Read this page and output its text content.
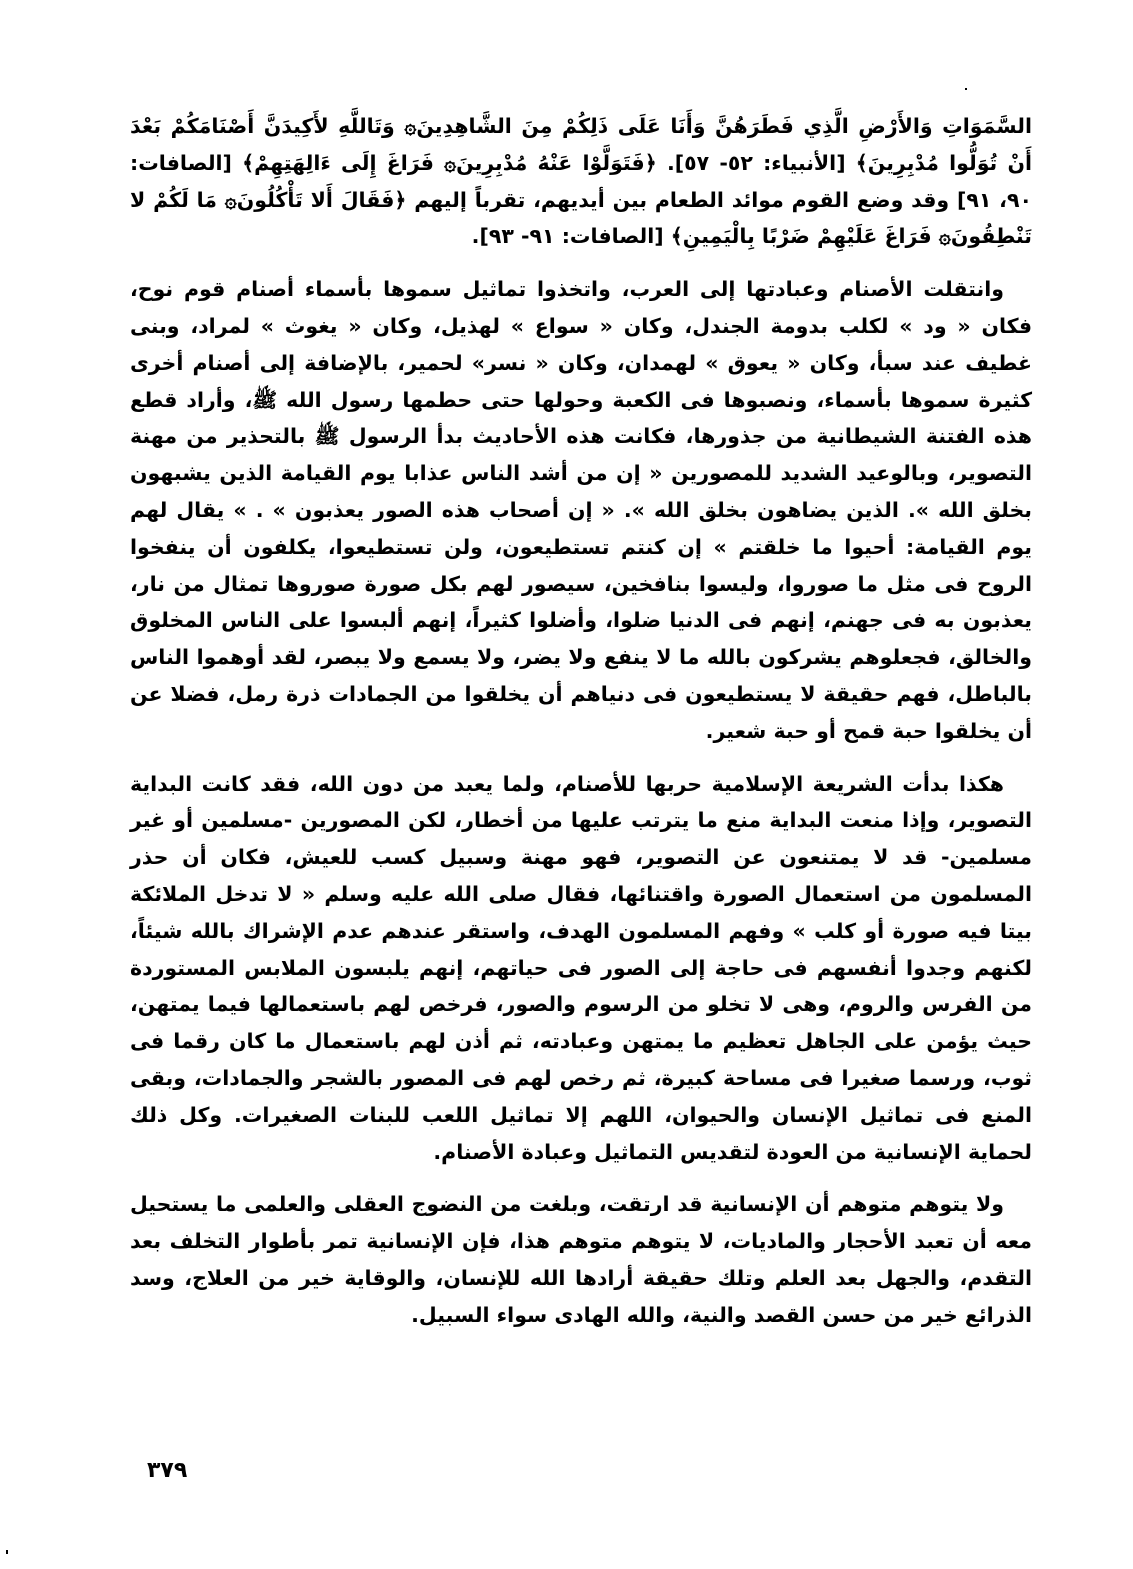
السَّمَوَاتِ وَالأَرْضِ الَّذِي فَطَرَهُنَّ وَأَنَا عَلَى ذَلِكُمْ مِنَ الشَّاهِدِينَ۞ وَتَاللَّهِ لأَكِيدَنَّ أَصْنَامَكُمْ بَعْدَ أَنْ تُوَلُّوا مُدْبِرِينَ﴾ [الأنبياء: ٥٢- ٥٧]. ﴿فَتَوَلَّوْا عَنْهُ مُدْبِرِينَ۞ فَرَاغَ إِلَى ءَالِهَتِهِمْ﴾ [الصافات: ٩٠، ٩١] وقد وضع القوم موائد الطعام بين أيديهم، تقرباً إليهم ﴿فَقَالَ أَلا تَأْكُلُونَ۞ مَا لَكُمْ لا تَنْطِقُونَ۞ فَرَاغَ عَلَيْهِمْ ضَرْبًا بِالْيَمِينِ﴾ [الصافات: ٩١- ٩٣].

وانتقلت الأصنام وعبادتها إلى العرب، واتخذوا تماثيل سموها بأسماء أصنام قوم نوح، فكان « ود » لكلب بدومة الجندل، وكان « سواع » لهذيل، وكان « يغوث » لمراد، وبنى غطيف عند سبأ، وكان « يعوق » لهمدان، وكان « نسر» لحمير، بالإضافة إلى أصنام أخرى كثيرة سموها بأسماء، ونصبوها فى الكعبة وحولها حتى حطمها رسول الله ﷺ، وأراد قطع هذه الفتنة الشيطانية من جذورها، فكانت هذه الأحاديث بدأ الرسول ﷺ بالتحذير من مهنة التصوير، وبالوعيد الشديد للمصورين « إن من أشد الناس عذابا يوم القيامة الذين يشبهون بخلق الله ». الذين يضاهون بخلق الله ». « إن أصحاب هذه الصور يعذبون » . » يقال لهم يوم القيامة: أحيوا ما خلقتم » إن كنتم تستطيعون، ولن تستطيعوا، يكلفون أن ينفخوا الروح فى مثل ما صوروا، وليسوا بنافخين، سيصور لهم بكل صورة صوروها تمثال من نار، يعذبون به فى جهنم، إنهم فى الدنيا ضلوا، وأضلوا كثيراً، إنهم ألبسوا على الناس المخلوق والخالق، فجعلوهم يشركون بالله ما لا ينفع ولا يضر، ولا يسمع ولا يبصر، لقد أوهموا الناس بالباطل، فهم حقيقة لا يستطيعون فى دنياهم أن يخلقوا من الجمادات ذرة رمل، فضلا عن أن يخلقوا حبة قمح أو حبة شعير.

هكذا بدأت الشريعة الإسلامية حربها للأصنام، ولما يعبد من دون الله، فقد كانت البداية التصوير، وإذا منعت البداية منع ما يترتب عليها من أخطار، لكن المصورين -مسلمين أو غير مسلمين- قد لا يمتنعون عن التصوير، فهو مهنة وسبيل كسب للعيش، فكان أن حذر المسلمون من استعمال الصورة واقتنائها، فقال صلى الله عليه وسلم « لا تدخل الملائكة بيتا فيه صورة أو كلب » وفهم المسلمون الهدف، واستقر عندهم عدم الإشراك بالله شيئاً، لكنهم وجدوا أنفسهم فى حاجة إلى الصور فى حياتهم، إنهم يلبسون الملابس المستوردة من الفرس والروم، وهى لا تخلو من الرسوم والصور، فرخص لهم باستعمالها فيما يمتهن، حيث يؤمن على الجاهل تعظيم ما يمتهن وعبادته، ثم أذن لهم باستعمال ما كان رقما فى ثوب، ورسما صغيرا فى مساحة كبيرة، ثم رخص لهم فى المصور بالشجر والجمادات، وبقى المنع فى تماثيل الإنسان والحيوان، اللهم إلا تماثيل اللعب للبنات الصغيرات. وكل ذلك لحماية الإنسانية من العودة لتقديس التماثيل وعبادة الأصنام.

ولا يتوهم متوهم أن الإنسانية قد ارتقت، وبلغت من النضوج العقلى والعلمى ما يستحيل معه أن تعبد الأحجار والماديات، لا يتوهم متوهم هذا، فإن الإنسانية تمر بأطوار التخلف بعد التقدم، والجهل بعد العلم وتلك حقيقة أرادها الله للإنسان، والوقاية خير من العلاج، وسد الذرائع خير من حسن القصد والنية، والله الهادى سواء السبيل.

٣٧٩
